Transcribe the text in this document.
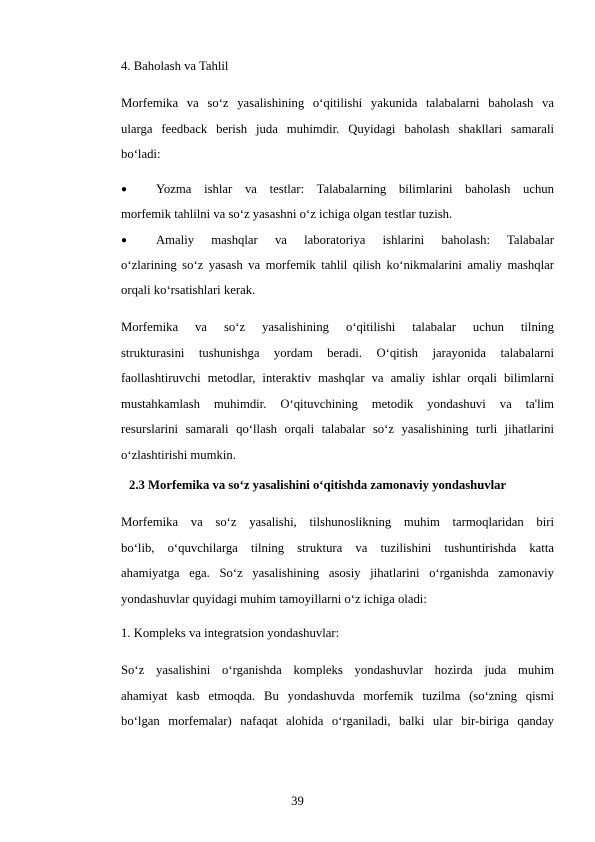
4. Baholash va Tahlil
Morfemika va so‘z yasalishining o‘qitilishi yakunida talabalarni baholash va
ularga feedback berish juda muhimdir. Quyidagi baholash shakllari samarali
bo‘ladi:
● Yozma ishlar va testlar: Talabalarning bilimlarini baholash uchun
morfemik tahlilni va so‘z yasashni o‘z ichiga olgan testlar tuzish.
● Amaliy mashqlar va laboratoriya ishlarini baholash: Talabalar
o‘zlarining so‘z yasash va morfemik tahlil qilish ko‘nikmalarini amaliy mashqlar
orqali ko‘rsatishlari kerak.
Morfemika va so‘z yasalishining o‘qitilishi talabalar uchun tilning
strukturasini tushunishga yordam beradi. O‘qitish jarayonida talabalarni
faollashtiruvchi metodlar, interaktiv mashqlar va amaliy ishlar orqali bilimlarni
mustahkamlash muhimdir. O‘qituvchining metodik yondashuvi va ta'lim
resurslarini samarali qo‘llash orqali talabalar so‘z yasalishining turli jihatlarini
o‘zlashtirishi mumkin.
2.3 Morfemika va so‘z yasalishini o‘qitishda zamonaviy yondashuvlar
Morfemika va so‘z yasalishi, tilshunoslikning muhim tarmoqlaridan biri
bo‘lib, o‘quvchilarga tilning struktura va tuzilishini tushuntirishda katta
ahamiyatga ega. So‘z yasalishining asosiy jihatlarini o‘rganishda zamonaviy
yondashuvlar quyidagi muhim tamoyillarni o‘z ichiga oladi:
1. Kompleks va integratsion yondashuvlar:
So‘z yasalishini o‘rganishda kompleks yondashuvlar hozirda juda muhim
ahamiyat kasb etmoqda. Bu yondashuvda morfemik tuzilma (so‘zning qismi
bo‘lgan morfemalar) nafaqat alohida o‘rganiladi, balki ular bir-biriga qanday
39
